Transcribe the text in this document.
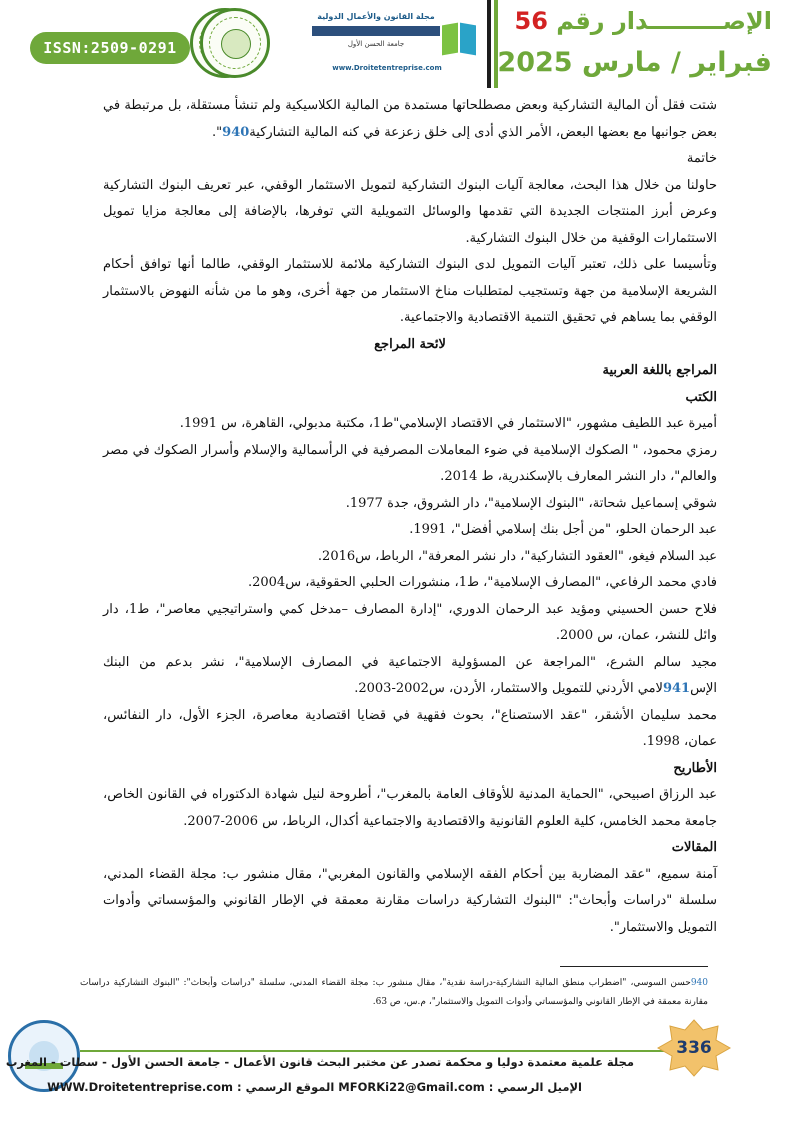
ISSN:2509-0291
مجلة القانون والأعمال الدولية
جامعة الحسن الأول
www.Droitetentreprise.com
الإصـــــــــدار رقم 56
فبراير / مارس 2025

شتت فقل أن المالية التشاركية وبعض مصطلحاتها مستمدة من المالية الكلاسيكية ولم تنشأ مستقلة، بل مرتبطة في بعض جوانبها مع بعضها البعض، الأمر الذي أدى إلى خلق زعزعة في كنه المالية التشاركية940".

خاتمة

حاولنا من خلال هذا البحث، معالجة آليات البنوك التشاركية لتمويل الاستثمار الوقفي، عبر تعريف البنوك التشاركية وعرض أبرز المنتجات الجديدة التي تقدمها والوسائل التمويلية التي توفرها، بالإضافة إلى معالجة مزايا تمويل الاستثمارات الوقفية من خلال البنوك التشاركية.

وتأسيسا على ذلك، تعتبر آليات التمويل لدى البنوك التشاركية ملائمة للاستثمار الوقفي، طالما أنها توافق أحكام الشريعة الإسلامية من جهة وتستجيب لمتطلبات مناخ الاستثمار من جهة أخرى، وهو ما من شأنه النهوض بالاستثمار الوقفي بما يساهم في تحقيق التنمية الاقتصادية والاجتماعية.

لائحة المراجع

المراجع باللغة العربية

الكتب

أميرة عبد اللطيف مشهور، "الاستثمار في الاقتصاد الإسلامي"ط1، مكتبة مدبولي، القاهرة، س 1991.

رمزي محمود، " الصكوك الإسلامية في ضوء المعاملات المصرفية في الرأسمالية والإسلام وأسرار الصكوك في مصر والعالم"، دار النشر المعارف بالإسكندرية، ط 2014.

شوقي إسماعيل شحاتة، "البنوك الإسلامية"، دار الشروق، جدة 1977.

عبد الرحمان الحلو، "من أجل بنك إسلامي أفضل"، 1991.

عبد السلام فيغو، "العقود التشاركية"، دار نشر المعرفة"، الرباط، س2016.

فادي محمد الرفاعي، "المصارف الإسلامية"، ط1، منشورات الحلبي الحقوقية، س2004.

فلاح حسن الحسيني ومؤيد عبد الرحمان الدوري، "إدارة المصارف –مدخل كمي واستراتيجيي معاصر"، ط1، دار وائل للنشر، عمان، س 2000.

مجيد سالم الشرع، "المراجعة عن المسؤولية الاجتماعية في المصارف الإسلامية"، نشر بدعم من البنك الإس941لامي الأردني للتمويل والاستثمار، الأردن، س2002-2003.

محمد سليمان الأشقر، "عقد الاستصناع"، بحوث فقهية في قضايا اقتصادية معاصرة، الجزء الأول، دار النفائس، عمان، 1998.

الأطاريح

عبد الرزاق اصبيحي، "الحماية المدنية للأوقاف العامة بالمغرب"، أطروحة لنيل شهادة الدكتوراه في القانون الخاص، جامعة محمد الخامس، كلية العلوم القانونية والاقتصادية والاجتماعية أكدال، الرباط، س 2006-2007.

المقالات

آمنة سميع، "عقد المضاربة بين أحكام الفقه الإسلامي والقانون المغربي"، مقال منشور ب: مجلة القضاء المدني، سلسلة "دراسات وأبحاث": "البنوك التشاركية دراسات مقارنة معمقة في الإطار القانوني والمؤسساتي وأدوات التمويل والاستثمار".

940حسن السوسي، "اضطراب منطق المالية التشاركية-دراسة نقدية"، مقال منشور ب: مجلة القضاء المدني، سلسلة "دراسات وأبحاث": "البنوك التشاركية دراسات مقارنة معمقة في الإطار القانوني والمؤسساتي وأدوات التمويل والاستثمار"، م.س، ص 63.
336
مجلة علمية معتمدة دوليا و محكمة تصدر عن مختبر البحث قانون الأعمال - جامعة الحسن الأول - سطات - المغرب
الإميل الرسمي : MFORKi22@Gmail.com الموقع الرسمي : WWW.Droitetentreprise.com
